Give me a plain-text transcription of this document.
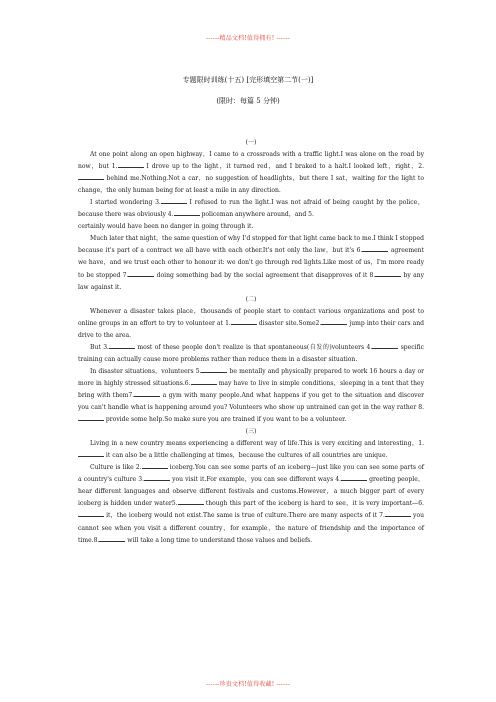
------精品文档!值得拥有! ------
专题限时训练(十五) [完形填空第二节(一)]
(限时：每篇 5 分钟)
(一)

At one point along an open highway，I came to a crossroads with a traffic light.I was alone on the road by now，but 1.	I drove up to the light，it turned red，and I braked to a halt.I looked left，right，2. behind me.Nothing.Not a car，no suggestion of headlights，but there I sat，waiting for the light to change，the only human being for at least a mile in any direction.

I started wondering 3.	I refused to run the light.I was not afraid of being caught by the police，because there was obviously 4.	policeman anywhere around，and 5.

certainly would have been no danger in going through it.

Much later that night，the same question of why I'd stopped for that light came back to me.I think I stopped because it's part of a contract we all have with each other.It's not only the law，but it's 6.	agreement we have，and we trust each other to honour it: we don't go through red lights.Like most of us，I'm more ready to be stopped 7.	doing something bad by the social agreement that disapproves of it 8.	by any law against it.

(二)

Whenever a disaster takes place，thousands of people start to contact various organizations and post to online groups in an effort to try to volunteer at 1.	disaster site.Some2.	jump into their cars and drive to the area.

But 3.	most of these people don't realize is that spontaneous(自发的)volunteers 4.	specific training can actually cause more problems rather than reduce them in a disaster situation.

In disaster situations，volunteers 5.	be mentally and physically prepared to work 16 hours a day or more in highly stressed situations.6.	may have to live in simple conditions，sleeping in a tent that they bring with them7.	a gym with many people.And what happens if you get to the situation and discover you can't handle what is happening around you? Volunteers who show up untrained can get in the way rather 8. provide some help.So make sure you are trained if you want to be a volunteer.

(三)

Living in a new country means experiencing a different way of life.This is very exciting and interesting，1. it can also be a little challenging at times，because the cultures of all countries are unique.

Culture is like 2.	iceberg.You can see some parts of an iceberg—just like you can see some parts of a country's culture 3.	you visit it.For example，you can see different ways 4.	greeting people，hear different languages and observe different festivals and customs.However，a much bigger part of every iceberg is hidden under water5.	though this part of the iceberg is hard to see，it is very important—6. it，the iceberg would not exist.The same is true of culture.There are many aspects of it 7.	you cannot see when you visit a different country，for example，the nature of friendship and the importance of time.8.	will take a long time to understand those values and beliefs.

------珍贵文档!值得收藏! ------
